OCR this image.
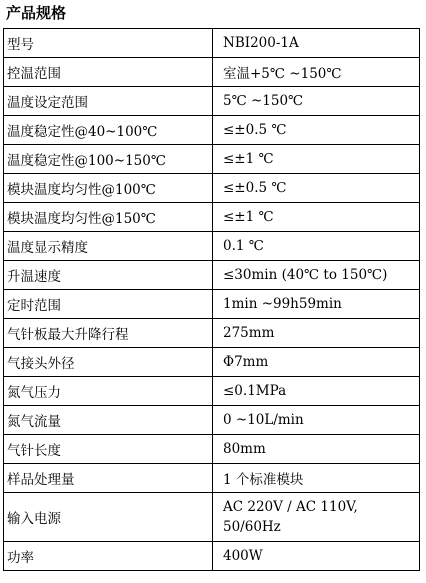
产品规格
型号	NBI200-1A
控温范围	室温+5℃ ~150℃
温度设定范围	5℃ ~150℃
温度稳定性@40~100℃	≤±0.5 ℃
温度稳定性@100~150℃	≤±1 ℃
模块温度均匀性@100℃	≤±0.5 ℃
模块温度均匀性@150℃	≤±1 ℃
温度显示精度	0.1 ℃
升温速度	≤30min (40℃ to 150℃)
定时范围	1min ~99h59min
气针板最大升降行程	275mm
气接头外径	Φ7mm
氮气压力	≤0.1MPa
氮气流量	0 ~10L/min
气针长度	80mm
样品处理量	1 个标准模块
输入电源	AC 220V / AC 110V, 50/60Hz
功率	400W
